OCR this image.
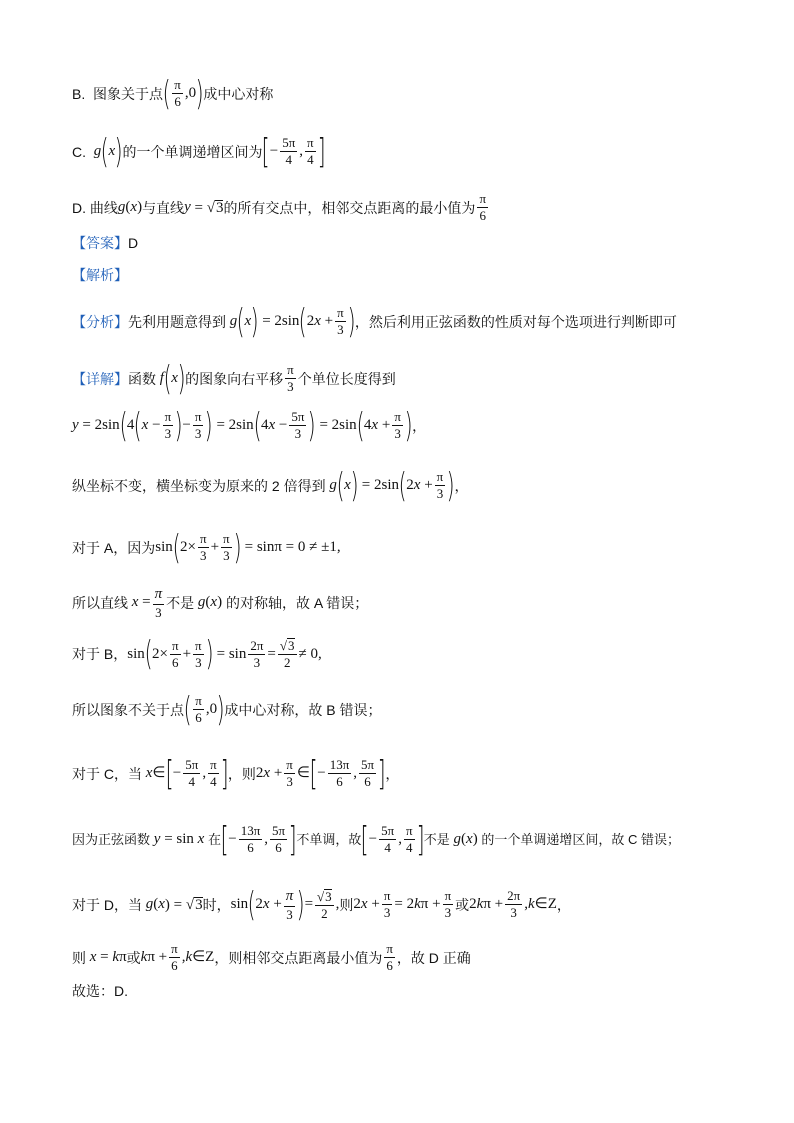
B.  图象关于点 ( $\frac{\pi}{6} ,0$ ) 成中心对称
C. g ( x ) 的一个单调递增区间为 [ − $\frac{5\pi}{4}$ , $\frac{\pi}{4}$ ]
D. 曲线 g ( x ) 与直线 y = √3 的所有交点中，相邻交点距离的最小值为 $\frac{\pi}{6}$
【答案】 D
【解析】
【分析】 先利用题意得到 g ( x ) = 2sin ( 2 $x + \frac{\pi}{3}$ ) ，然后利用正弦函数的性质对每个选项进行判断即可
【详解】 函数 f ( x ) 的图象向右平移 $\frac{\pi}{3}$ 个单位长度得到
y = 2sin ( 4 ( $x - \frac{\pi}{3}$ ) − $\frac{\pi}{3}$ ) = 2sin ( 4 $x - \frac{5\pi}{3}$ ) = 2sin ( 4 $x + \frac{\pi}{3}$ ) ，
纵坐标不变，横坐标变为原来的 2 倍得到 g ( x ) = 2sin ( 2 $x + \frac{\pi}{3}$ ) ，
对于 A，因为 sin ( $2\times \frac{\pi}{3} + \frac{\pi}{3}$ ) = sinπ = 0 ≠ ±1,
所以直线 $x = \frac{\pi}{3}$ 不是 g ( x ) 的对称轴，故 A 错误；
对于 B， sin ( $2\times \frac{\pi}{6} + \frac{\pi}{3}$ ) = $\sin \frac{2\pi}{3} = \frac{√3}{2} \ne 0$,
所以图象不关于点 ( $\frac{\pi}{6} ,0$ ) 成中心对称，故 B 错误；
对于 C，当 x ∈ [ − $\frac{5\pi}{4}$ , $\frac{\pi}{4}$ ] ，则 2 $x + \frac{\pi}{3}$ ∈ [ − $\frac{13\pi}{6}$ , $\frac{5\pi}{6}$ ] ，
因为正弦函数 y = sin x 在 [ − $\frac{13\pi}{6}$ , $\frac{5\pi}{6}$ ] 不单调，故 [ − $\frac{5\pi}{4}$ , $\frac{\pi}{4}$ ] 不是 g ( x ) 的一个单调递增区间，故 C 错误；
对于 D，当 g ( x ) = √3 时， sin ( 2 $x + \frac{\pi}{3}$ ) = $\frac{√3}{2}$ , 则 2 $x + \frac{\pi}{3} = 2$ k $\pi + \frac{\pi}{3}$ 或 2 k $\pi + \frac{2\pi}{3}$ , k ∈Z ，
则 x = k π 或 k $\pi + \frac{\pi}{6}$ , k ∈Z ，则相邻交点距离最小值为 $\frac{\pi}{6}$ ，故 D 正确
故选：D.
